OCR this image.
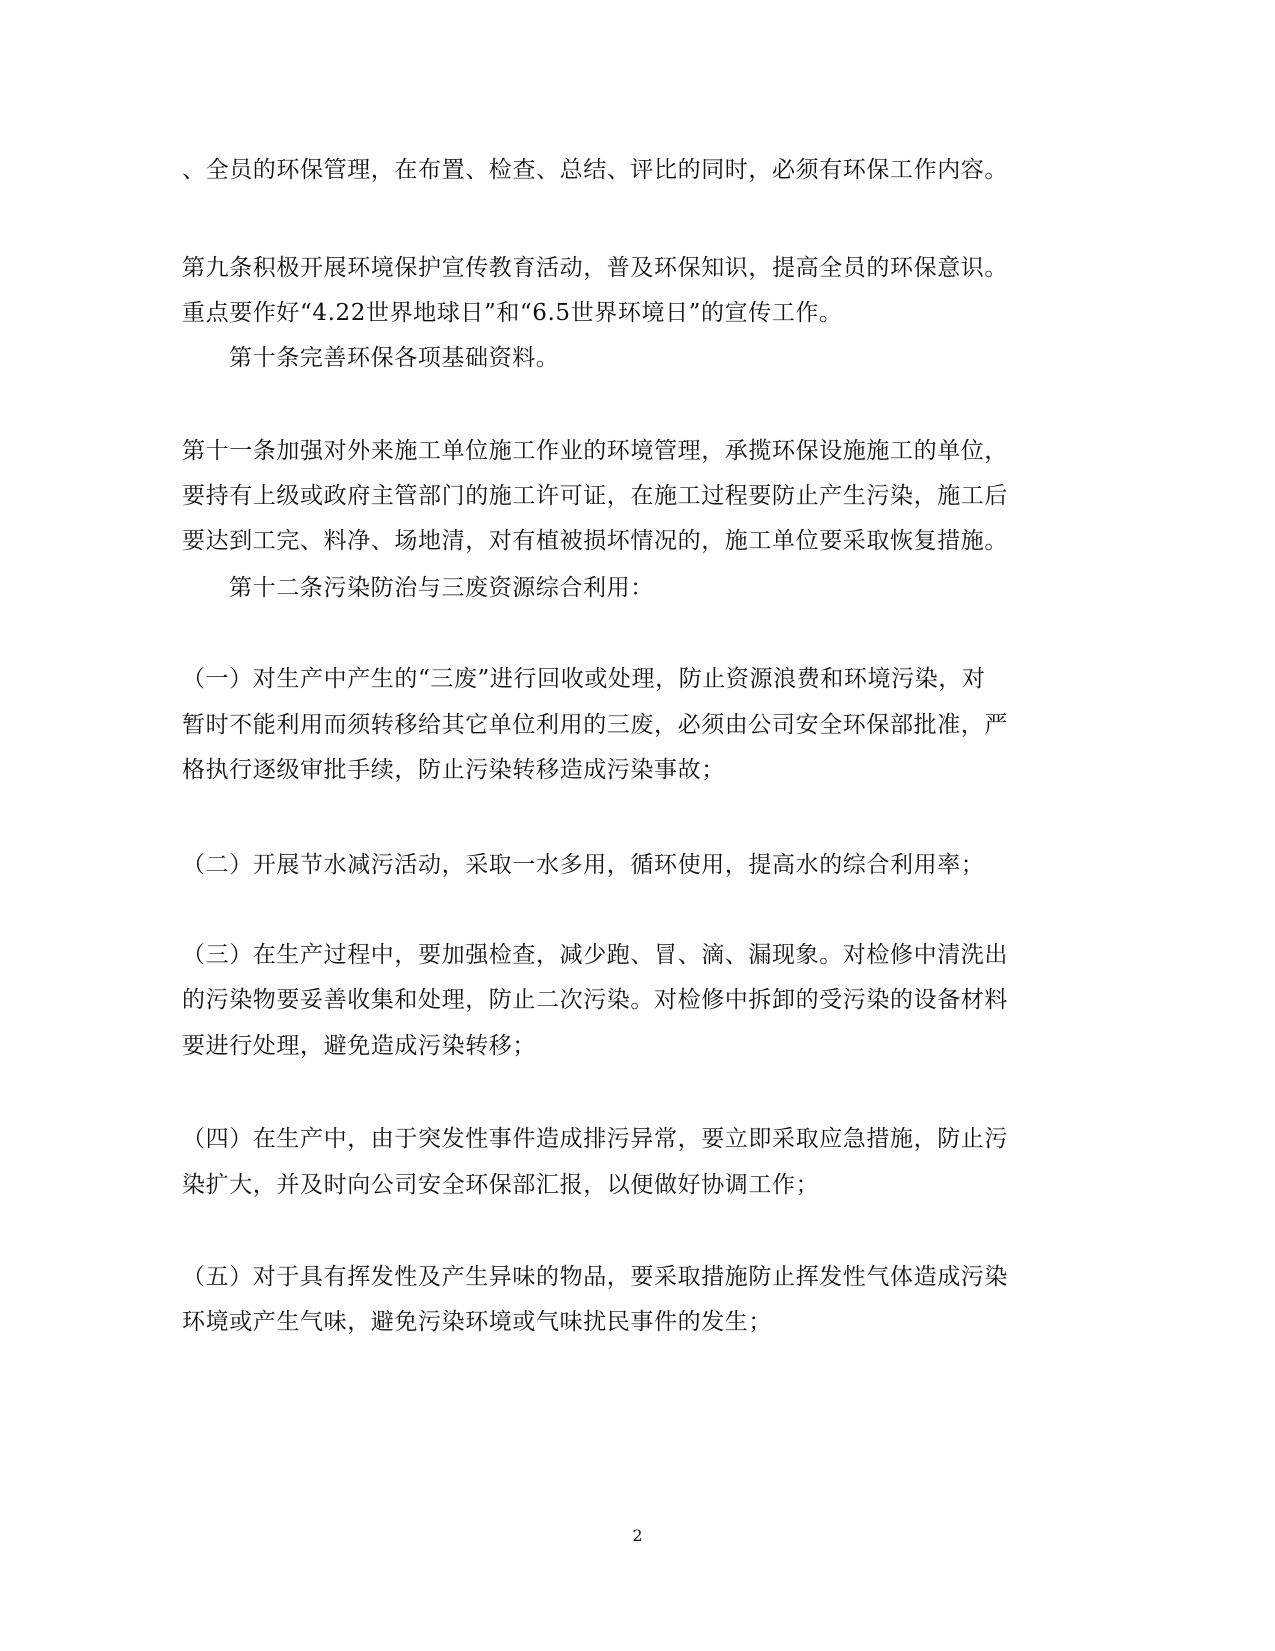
、全员的环保管理，在布置、检查、总结、评比的同时，必须有环保工作内容。
第九条积极开展环境保护宣传教育活动，普及环保知识，提高全员的环保意识。
重点要作好“4.22世界地球日”和“6.5世界环境日”的宣传工作。
第十条完善环保各项基础资料。
第十一条加强对外来施工单位施工作业的环境管理，承揽环保设施施工的单位，
要持有上级或政府主管部门的施工许可证，在施工过程要防止产生污染，施工后
要达到工完、料净、场地清，对有植被损坏情况的，施工单位要采取恢复措施。
第十二条污染防治与三废资源综合利用：
（一）对生产中产生的“三废”进行回收或处理，防止资源浪费和环境污染，对
暂时不能利用而须转移给其它单位利用的三废，必须由公司安全环保部批准，严
格执行逐级审批手续，防止污染转移造成污染事故；
（二）开展节水减污活动，采取一水多用，循环使用，提高水的综合利用率；
（三）在生产过程中，要加强检查，减少跑、冒、滴、漏现象。对检修中清洗出
的污染物要妥善收集和处理，防止二次污染。对检修中拆卸的受污染的设备材料
要进行处理，避免造成污染转移；
（四）在生产中，由于突发性事件造成排污异常，要立即采取应急措施，防止污
染扩大，并及时向公司安全环保部汇报，以便做好协调工作；
（五）对于具有挥发性及产生异味的物品，要采取措施防止挥发性气体造成污染
环境或产生气味，避免污染环境或气味扰民事件的发生；
2
